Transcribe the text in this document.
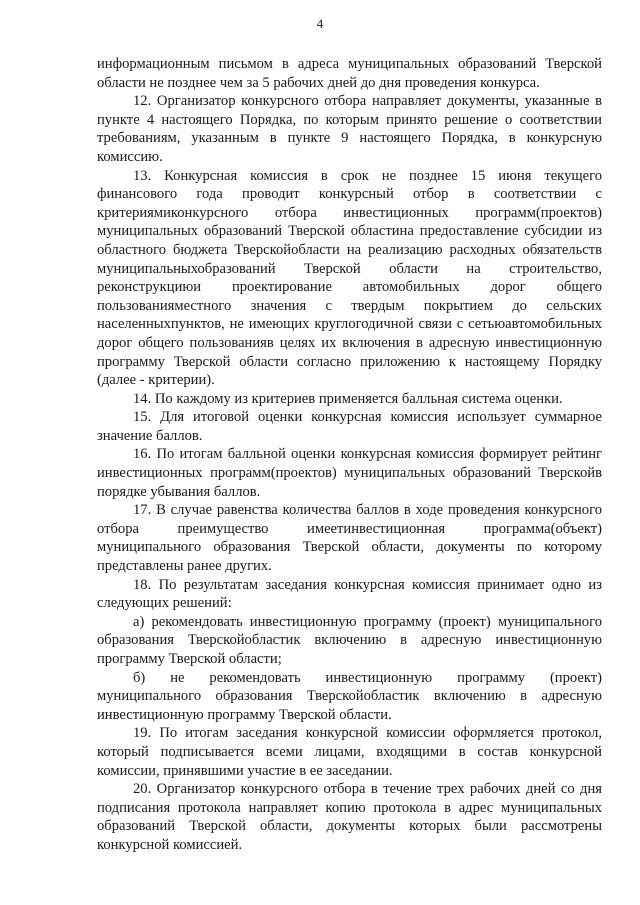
4

информационным письмом в адреса муниципальных образований Тверской области не позднее чем за 5 рабочих дней до дня проведения конкурса.

12. Организатор конкурсного отбора направляет документы, указанные в пункте 4 настоящего Порядка, по которым принято решение о соответствии требованиям, указанным в пункте 9 настоящего Порядка, в конкурсную комиссию.

13. Конкурсная комиссия в срок не позднее 15 июня текущего финансового года проводит конкурсный отбор в соответствии с критериямиконкурсного отбора инвестиционных программ(проектов) муниципальных образований Тверской областина предоставление субсидии из областного бюджета Тверскойобласти на реализацию расходных обязательств муниципальныхобразований Тверской области на строительство, реконструкциюи проектирование автомобильных дорог общего пользованияместного значения с твердым покрытием до сельских населенныхпунктов, не имеющих круглогодичной связи с сетьюавтомобильных дорог общего пользованияв целях их включения в адресную инвестиционную программу Тверской области согласно приложению к настоящему Порядку (далее - критерии).

14. По каждому из критериев применяется балльная система оценки.

15. Для итоговой оценки конкурсная комиссия использует суммарное значение баллов.

16. По итогам балльной оценки конкурсная комиссия формирует рейтинг инвестиционных программ(проектов) муниципальных образований Тверскойв порядке убывания баллов.

17. В случае равенства количества баллов в ходе проведения конкурсного отбора преимущество имеетинвестиционная программа(объект) муниципального образования Тверской области, документы по которому представлены ранее других.

18. По результатам заседания конкурсная комиссия принимает одно из следующих решений:

а) рекомендовать инвестиционную программу (проект) муниципального образования Тверскойобластик включению в адресную инвестиционную программу Тверской области;

б) не рекомендовать инвестиционную программу (проект) муниципального образования Тверскойобластик включению в адресную инвестиционную программу Тверской области.

19. По итогам заседания конкурсной комиссии оформляется протокол, который подписывается всеми лицами, входящими в состав конкурсной комиссии, принявшими участие в ее заседании.

20. Организатор конкурсного отбора в течение трех рабочих дней со дня подписания протокола направляет копию протокола в адрес муниципальных образований Тверской области, документы которых были рассмотрены конкурсной комиссией.
